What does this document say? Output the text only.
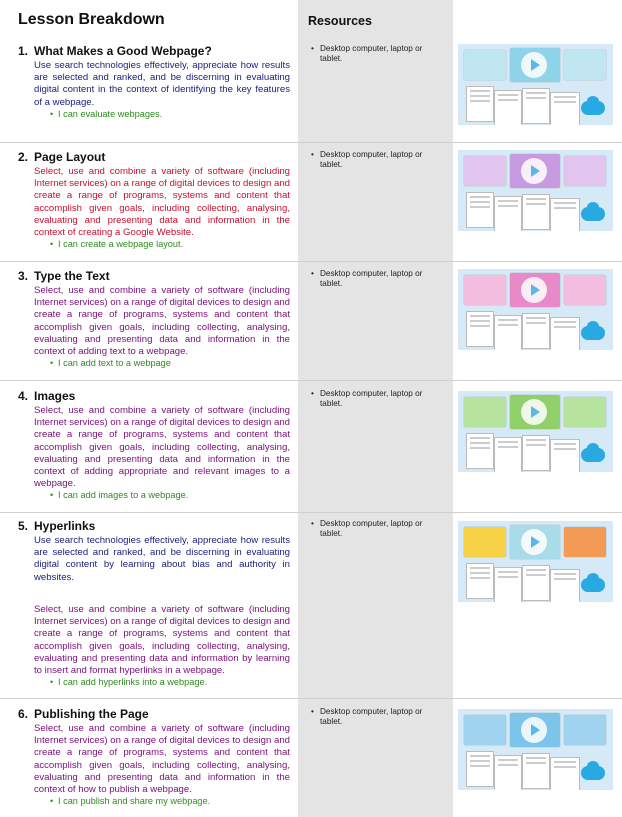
Lesson Breakdown	Resources
1. What Makes a Good Webpage?

Use search technologies effectively, appreciate how results are selected and ranked, and be discerning in evaluating digital content in the context of identifying the key features of a webpage.

• I can evaluate webpages.
• Desktop computer, laptop or tablet.
2. Page Layout

Select, use and combine a variety of software (including Internet services) on a range of digital devices to design and create a range of programs, systems and content that accomplish given goals, including collecting, analysing, evaluating and presenting data and information in the context of creating a Google Website.

• I can create a webpage layout.
• Desktop computer, laptop or tablet.
3. Type the Text

Select, use and combine a variety of software (including Internet services) on a range of digital devices to design and create a range of programs, systems and content that accomplish given goals, including collecting, analysing, evaluating and presenting data and information in the context of adding text to a webpage.

• I can add text to a webpage
• Desktop computer, laptop or tablet.
4. Images

Select, use and combine a variety of software (including Internet services) on a range of digital devices to design and create a range of programs, systems and content that accomplish given goals, including collecting, analysing, evaluating and presenting data and information in the context of adding appropriate and relevant images to a webpage.

• I can add images to a webpage.
• Desktop computer, laptop or tablet.
5. Hyperlinks

Use search technologies effectively, appreciate how results are selected and ranked, and be discerning in evaluating digital content by learning about bias and authority in websites.

Select, use and combine a variety of software (including Internet services) on a range of digital devices to design and create a range of programs, systems and content that accomplish given goals, including collecting, analysing, evaluating and presenting data and information by learning to insert and format hyperlinks in a webpage.

• I can add hyperlinks into a webpage.
• Desktop computer, laptop or tablet.
6. Publishing the Page

Select, use and combine a variety of software (including Internet services) on a range of digital devices to design and create a range of programs, systems and content that accomplish given goals, including collecting, analysing, evaluating and presenting data and information in the context of how to publish a webpage.

• I can publish and share my webpage.
• Desktop computer, laptop or tablet.
